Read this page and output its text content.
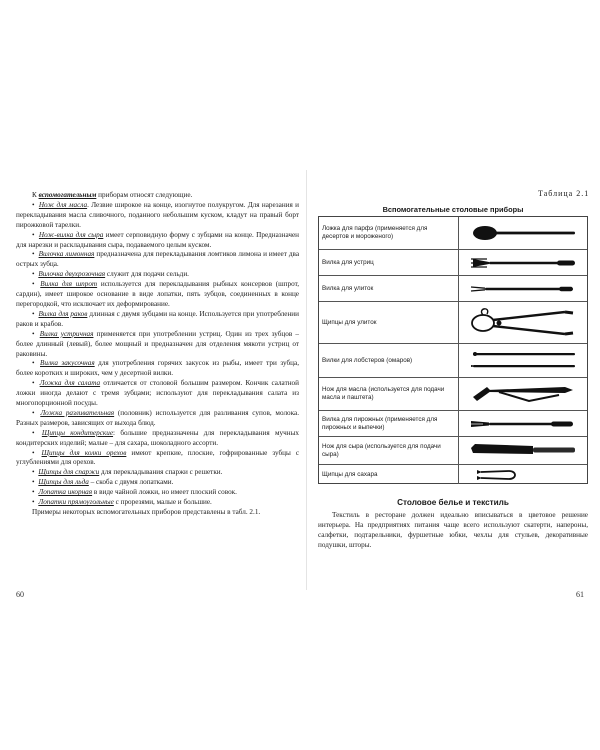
К вспомогательным приборам относят следующие.

• Нож для масла. Лезвие широкое на конце, изогнутое полукругом. Для нарезания и перекладывания масла сливочного, поданного небольшим куском, кладут на правый борт пирожковой тарелки.

• Нож-вилка для сыра имеет серповидную форму с зубцами на конце. Предназначен для нарезки и раскладывания сыра, подаваемого целым куском.

• Вилочка лимонная предназначена для перекладывания ломтиков лимона и имеет два острых зубца.

• Вилочка двухрозочная служит для подачи сельди.

• Вилка для шпрот используется для перекладывания рыбных консервов (шпрот, сардин), имеет широкое основание в виде лопатки, пять зубцов, соединенных в конце перегородкой, что исключает их деформирование.

• Вилка для раков длинная с двумя зубцами на конце. Используется при употреблении раков и крабов.

• Вилка устричная применяется при употреблении устриц. Один из трех зубцов – более длинный (левый), более мощный и предназначен для отделения мякоти устриц от раковины.

• Вилка закусочная для употребления горячих закусок из рыбы, имеет три зубца, более коротких и широких, чем у десертной вилки.

• Ложка для салата отличается от столовой большим размером. Кончик салатной ложки иногда делают с тремя зубцами; используют для перекладывания салата из многопорционной посуды.

• Ложка разливательная (половник) используется для разливания супов, молока. Разных размеров, зависящих от выхода блюд.

• Щипцы кондитерские: большие предназначены для перекладывания мучных кондитерских изделий; малые – для сахара, шоколадного ассорти.

• Щипцы для колки орехов имеют крепкие, плоские, гофрированные зубцы с углублениями для орехов.

• Щипцы для спаржи для перекладывания спаржи с решетки.

• Щипцы для льда – скоба с двумя лопатками.

• Лопатка икорная в виде чайной ложки, но имеет плоский совок.

• Лопатки прямоугольные с прорезями, малые и большие.

Примеры некоторых вспомогательных приборов представлены в табл. 2.1.

60
Таблица 2.1
Вспомогательные столовые приборы
Ложка для парфэ (применяется для десертов и мороженого)
Вилка для устриц
Вилка для улиток
Щипцы для улиток
Вилки для лобстеров (омаров)
Нож для масла (используется для подачи масла и паштета)
Вилка для пирожных (применяется для пирожных и выпечки)
Нож для сыра (используется для подачи сыра)
Щипцы для сахара
Столовое белье и текстиль

Текстиль в ресторане должен идеально вписываться в цветовое решение интерьера. На предприятиях питания чаще всего используют скатерти, напероны, салфетки, подтарельники, фуршетные юбки, чехлы для стульев, декоративные подушки, шторы.

61
